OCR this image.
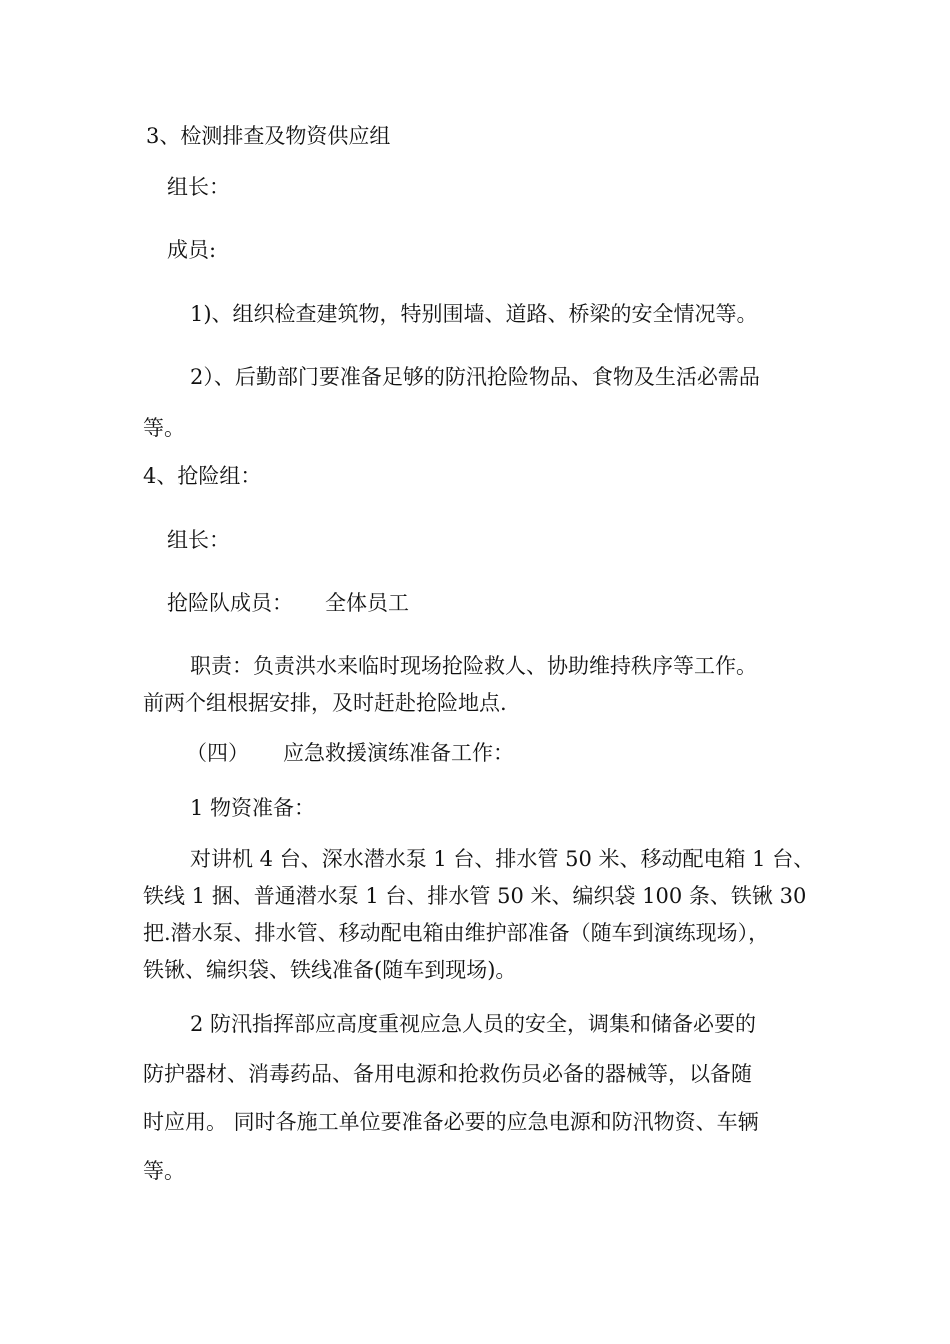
3、检测排查及物资供应组
组长：
成员:
1)、组织检查建筑物，特别围墙、道路、桥梁的安全情况等。
2）、后勤部门要准备足够的防汛抢险物品、食物及生活必需品
等。
4、抢险组：
组长：
抢险队成员： 全体员工
职责：负责洪水来临时现场抢险救人、协助维持秩序等工作。
前两个组根据安排，及时赶赴抢险地点.
（四） 应急救援演练准备工作：
1 物资准备：
对讲机 4 台、深水潜水泵 1 台、排水管 50 米、移动配电箱 1 台、
铁线 1 捆、普通潜水泵 1 台、排水管 50 米、编织袋 100 条、铁锹 30
把.潜水泵、排水管、移动配电箱由维护部准备（随车到演练现场），
铁锹、编织袋、铁线准备(随车到现场)。
2 防汛指挥部应高度重视应急人员的安全，调集和储备必要的
防护器材、消毒药品、备用电源和抢救伤员必备的器械等，以备随
时应用。 同时各施工单位要准备必要的应急电源和防汛物资、车辆
等。
